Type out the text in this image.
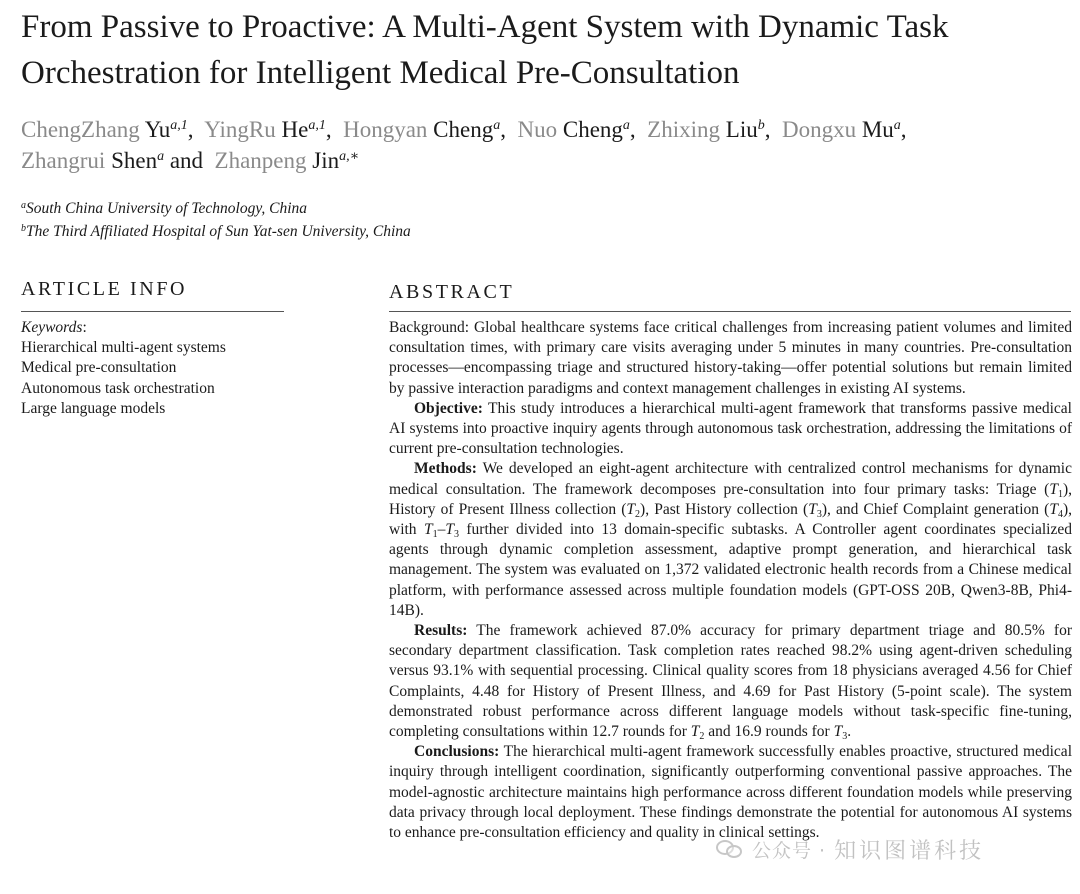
From Passive to Proactive: A Multi-Agent System with Dynamic Task Orchestration for Intelligent Medical Pre-Consultation
ChengZhang Yu$^{a,1}$, YingRu He$^{a,1}$, Hongyan Cheng$^a$, Nuo Cheng$^a$, Zhixing Liu$^b$, Dongxu Mu$^a$,
Zhangrui Shen$^a$ and Zhanpeng Jin$^{a,∗}$
$^a$South China University of Technology, China
$^b$The Third Affiliated Hospital of Sun Yat-sen University, China
ARTICLE INFO
Keywords:
Hierarchical multi-agent systems
Medical pre-consultation
Autonomous task orchestration
Large language models
ABSTRACT

Background: Global healthcare systems face critical challenges from increasing patient volumes and limited consultation times, with primary care visits averaging under 5 minutes in many countries. Pre-consultation processes—encompassing triage and structured history-taking—offer potential solutions but remain limited by passive interaction paradigms and context management challenges in existing AI systems.

Objective: This study introduces a hierarchical multi-agent framework that transforms passive medical AI systems into proactive inquiry agents through autonomous task orchestration, addressing the limitations of current pre-consultation technologies.

Methods: We developed an eight-agent architecture with centralized control mechanisms for dynamic medical consultation. The framework decomposes pre-consultation into four primary tasks: Triage $(T_1)$, History of Present Illness collection $(T_2)$, Past History collection $(T_3)$, and Chief Complaint generation $(T_4)$, with $T_1-T_3$ further divided into 13 domain-specific subtasks. A Controller agent coordinates specialized agents through dynamic completion assessment, adaptive prompt generation, and hierarchical task management. The system was evaluated on 1,372 validated electronic health records from a Chinese medical platform, with performance assessed across multiple foundation models (GPT-OSS 20B, Qwen3-8B, Phi4-14B).

Results: The framework achieved 87.0% accuracy for primary department triage and 80.5% for secondary department classification. Task completion rates reached 98.2% using agent-driven scheduling versus 93.1% with sequential processing. Clinical quality scores from 18 physicians averaged 4.56 for Chief Complaints, 4.48 for History of Present Illness, and 4.69 for Past History (5-point scale). The system demonstrated robust performance across different language models without task-specific fine-tuning, completing consultations within 12.7 rounds for $T_2$ and 16.9 rounds for $T_3$.

Conclusions: The hierarchical multi-agent framework successfully enables proactive, structured medical inquiry through intelligent coordination, significantly outperforming conventional passive approaches. The model-agnostic architecture maintains high performance across different foundation models while preserving data privacy through local deployment. These findings demonstrate the potential for autonomous AI systems to enhance pre-consultation efficiency and quality in clinical settings.

公众号 · 知识图谱科技
